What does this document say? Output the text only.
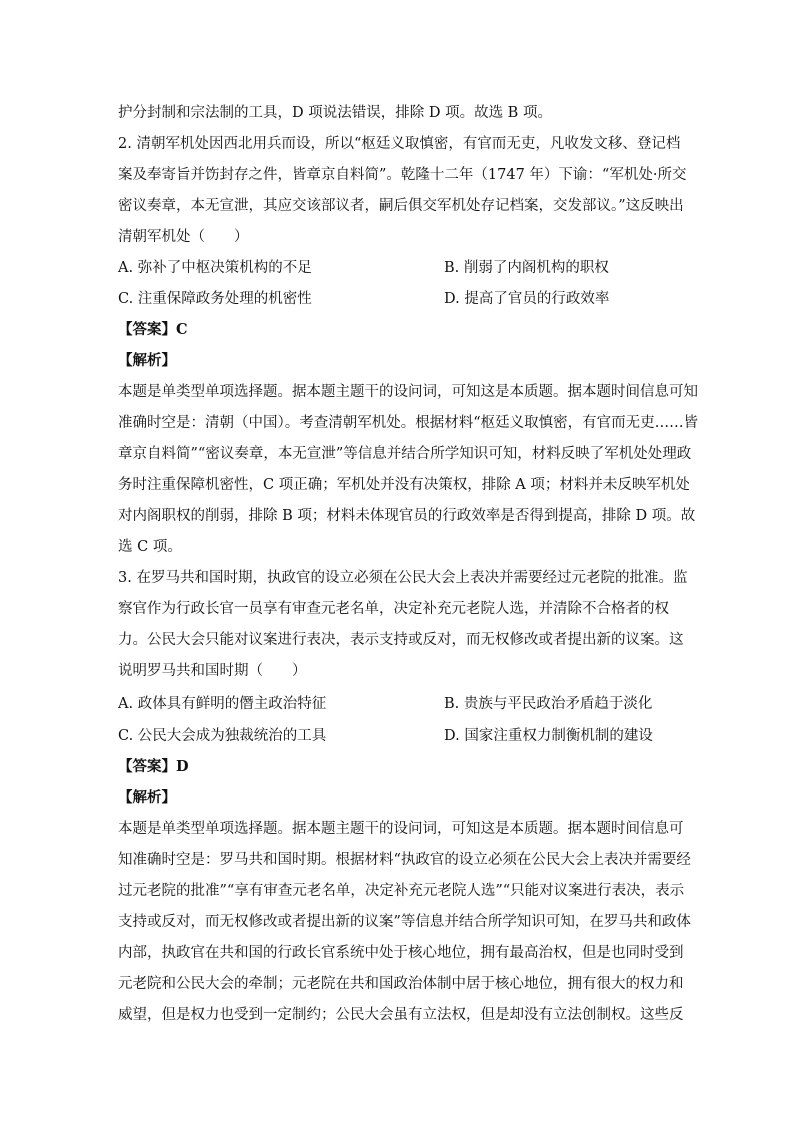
护分封制和宗法制的工具，D 项说法错误，排除 D 项。故选 B 项。
2. 清朝军机处因西北用兵而设，所以“枢廷义取慎密，有官而无吏，凡收发文移、登记档
案及奉寄旨并饬封存之件，皆章京自料简”。乾隆十二年（1747 年）下谕：“军机处·所交
密议奏章，本无宣泄，其应交该部议者，嗣后俱交军机处存记档案，交发部议。”这反映出
清朝军机处（　　）
A. 弥补了中枢决策机构的不足	B. 削弱了内阁机构的职权
C. 注重保障政务处理的机密性	D. 提高了官员的行政效率
【答案】C
【解析】
本题是单类型单项选择题。据本题主题干的设问词，可知这是本质题。据本题时间信息可知
准确时空是：清朝（中国）。考查清朝军机处。根据材料“枢廷义取慎密，有官而无吏……皆
章京自料简”“密议奏章，本无宣泄”等信息并结合所学知识可知，材料反映了军机处处理政
务时注重保障机密性，C 项正确；军机处并没有决策权，排除 A 项；材料并未反映军机处
对内阁职权的削弱，排除 B 项；材料未体现官员的行政效率是否得到提高，排除 D 项。故
选 C 项。
3. 在罗马共和国时期，执政官的设立必须在公民大会上表决并需要经过元老院的批准。监
察官作为行政长官一员享有审查元老名单，决定补充元老院人选，并清除不合格者的权
力。公民大会只能对议案进行表决，表示支持或反对，而无权修改或者提出新的议案。这
说明罗马共和国时期（　　）
A. 政体具有鲜明的僭主政治特征	B. 贵族与平民政治矛盾趋于淡化
C. 公民大会成为独裁统治的工具	D. 国家注重权力制衡机制的建设
【答案】D
【解析】
本题是单类型单项选择题。据本题主题干的设问词，可知这是本质题。据本题时间信息可
知准确时空是：罗马共和国时期。根据材料“执政官的设立必须在公民大会上表决并需要经
过元老院的批准”“享有审查元老名单，决定补充元老院人选”“只能对议案进行表决，表示
支持或反对，而无权修改或者提出新的议案”等信息并结合所学知识可知，在罗马共和政体
内部，执政官在共和国的行政长官系统中处于核心地位，拥有最高治权，但是也同时受到
元老院和公民大会的牵制；元老院在共和国政治体制中居于核心地位，拥有很大的权力和
威望，但是权力也受到一定制约；公民大会虽有立法权，但是却没有立法创制权。这些反
